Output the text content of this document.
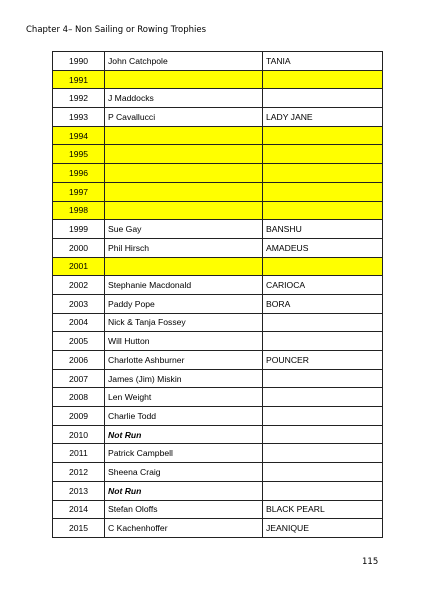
Chapter 4– Non Sailing or Rowing Trophies
1990	John Catchpole	TANIA
1991		
1992	J Maddocks	
1993	P Cavallucci	LADY JANE
1994		
1995		
1996		
1997		
1998		
1999	Sue Gay	BANSHU
2000	Phil Hirsch	AMADEUS
2001		
2002	Stephanie Macdonald	CARIOCA
2003	Paddy Pope	BORA
2004	Nick & Tanja Fossey	
2005	Will Hutton	
2006	Charlotte Ashburner	POUNCER
2007	James (Jim) Miskin	
2008	Len Weight	
2009	Charlie Todd	
2010	Not Run	
2011	Patrick Campbell	
2012	Sheena Craig	
2013	Not Run	
2014	Stefan Oloffs	BLACK PEARL
2015	C Kachenhoffer	JEANIQUE
115
